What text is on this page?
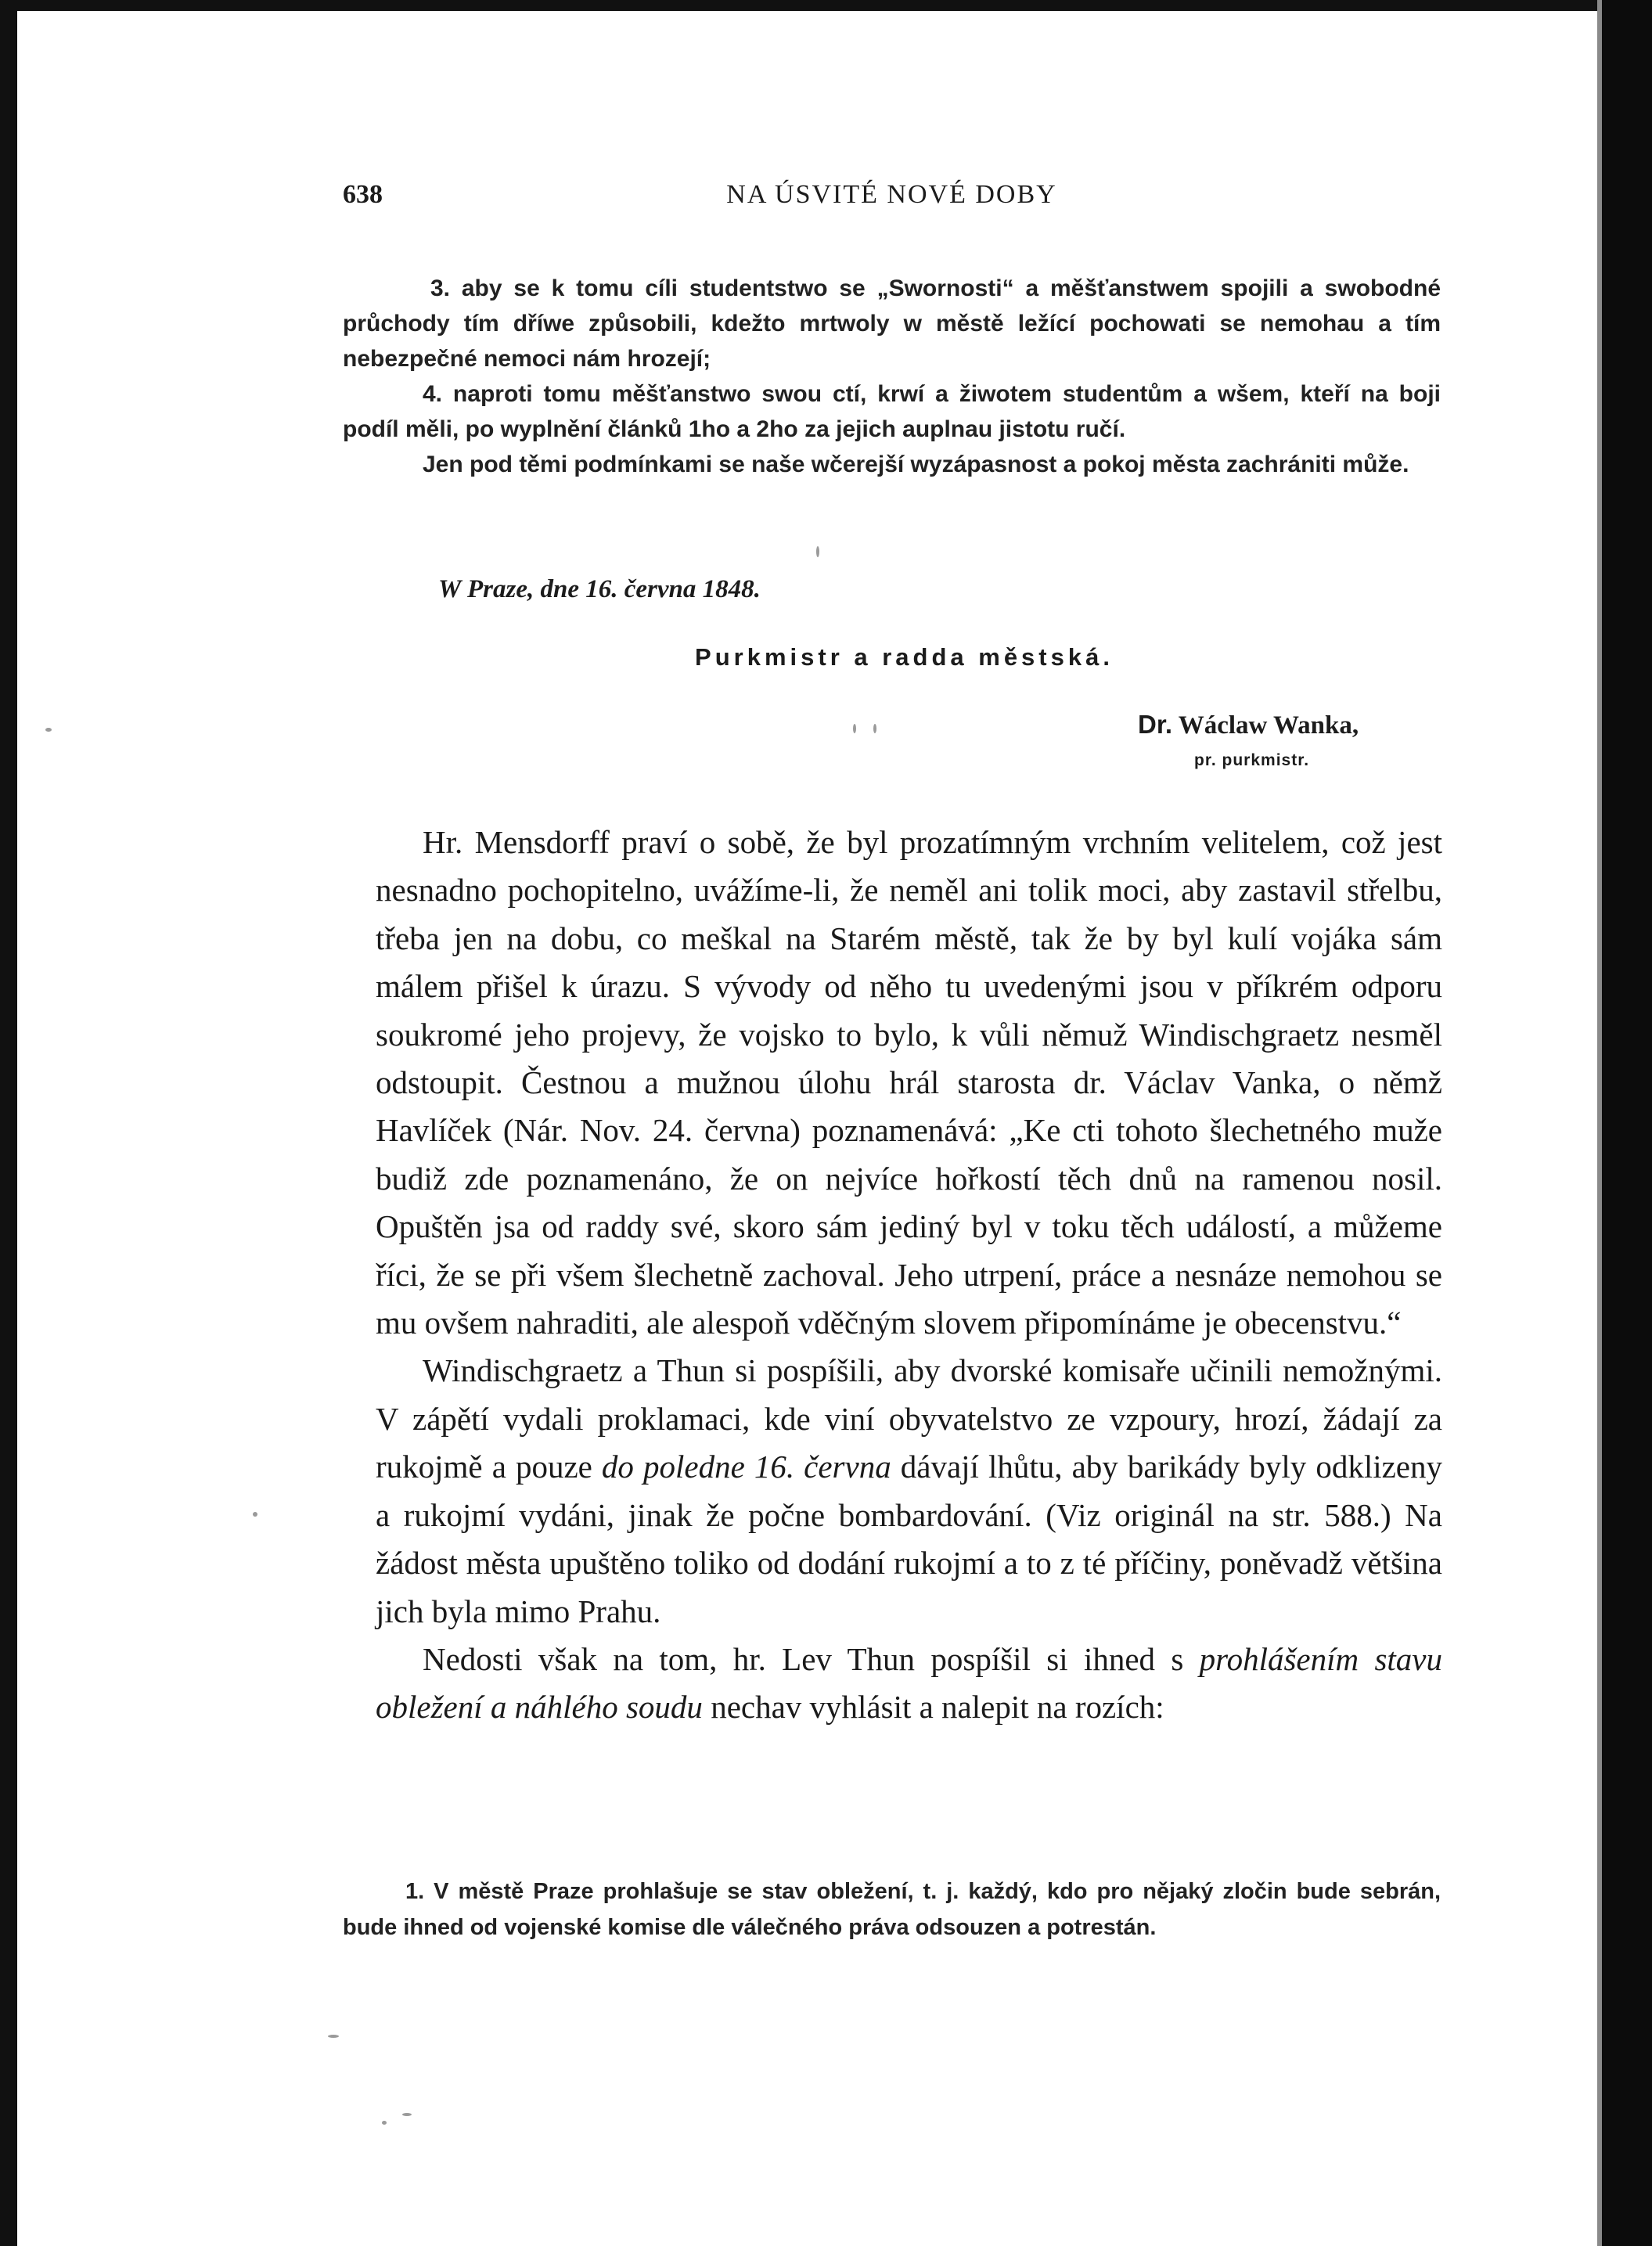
638	NA ÚSVITÉ NOVÉ DOBY

3. aby se k tomu cíli studentstwo se „Swornosti“ a měšťanstwem spojili a swobodné průchody tím dříwe způsobili, kdežto mrtwoly w městě ležící pochowati se nemohau a tím nebezpečné nemoci nám hrozejí;

4. naproti tomu měšťanstwo swou ctí, krwí a žiwotem studentům a wšem, kteří na boji podíl měli, po wyplnění článků 1ho a 2ho za jejich auplnau jistotu ručí.

Jen pod těmi podmínkami se naše wčerejší wyzápasnost a pokoj města zachrániti může.

W Praze, dne 16. června 1848.
Purkmistr a radda městská.
Dr. Wáclaw Wanka,
pr. purkmistr.

Hr. Mensdorff praví o sobě, že byl prozatímným vrchním velitelem, což jest nesnadno pochopitelno, uvážíme-li, že neměl ani tolik moci, aby zastavil střelbu, třeba jen na dobu, co meškal na Starém městě, tak že by byl kulí vojáka sám málem přišel k úrazu. S vývody od něho tu uvedenými jsou v příkrém odporu soukromé jeho projevy, že vojsko to bylo, k vůli němuž Windischgraetz nesměl odstoupit. Čestnou a mužnou úlohu hrál starosta dr. Václav Vanka, o němž Havlíček (Nár. Nov. 24. června) poznamenává: „Ke cti tohoto šlechetného muže budiž zde poznamenáno, že on nejvíce hořkostí těch dnů na ramenou nosil. Opuštěn jsa od raddy své, skoro sám jediný byl v toku těch událostí, a můžeme říci, že se při všem šlechetně zachoval. Jeho utrpení, práce a nesnáze nemohou se mu ovšem nahraditi, ale alespoň vděčným slovem připomínáme je obecenstvu.“

Windischgraetz a Thun si pospíšili, aby dvorské komisaře učinili nemožnými. V zápětí vydali proklamaci, kde viní obyvatelstvo ze vzpoury, hrozí, žádají za rukojmě a pouze do poledne 16. června dávají lhůtu, aby barikády byly odklizeny a rukojmí vydáni, jinak že počne bombardování. (Viz originál na str. 588.) Na žádost města upuštěno toliko od dodání rukojmí a to z té příčiny, poněvadž většina jich byla mimo Prahu.

Nedosti však na tom, hr. Lev Thun pospíšil si ihned s prohlášením stavu obležení a náhlého soudu nechav vyhlásit a nalepit na rozích:

1. V městě Praze prohlašuje se stav obležení, t. j. každý, kdo pro nějaký zločin bude sebrán, bude ihned od vojenské komise dle válečného práva odsouzen a potrestán.
